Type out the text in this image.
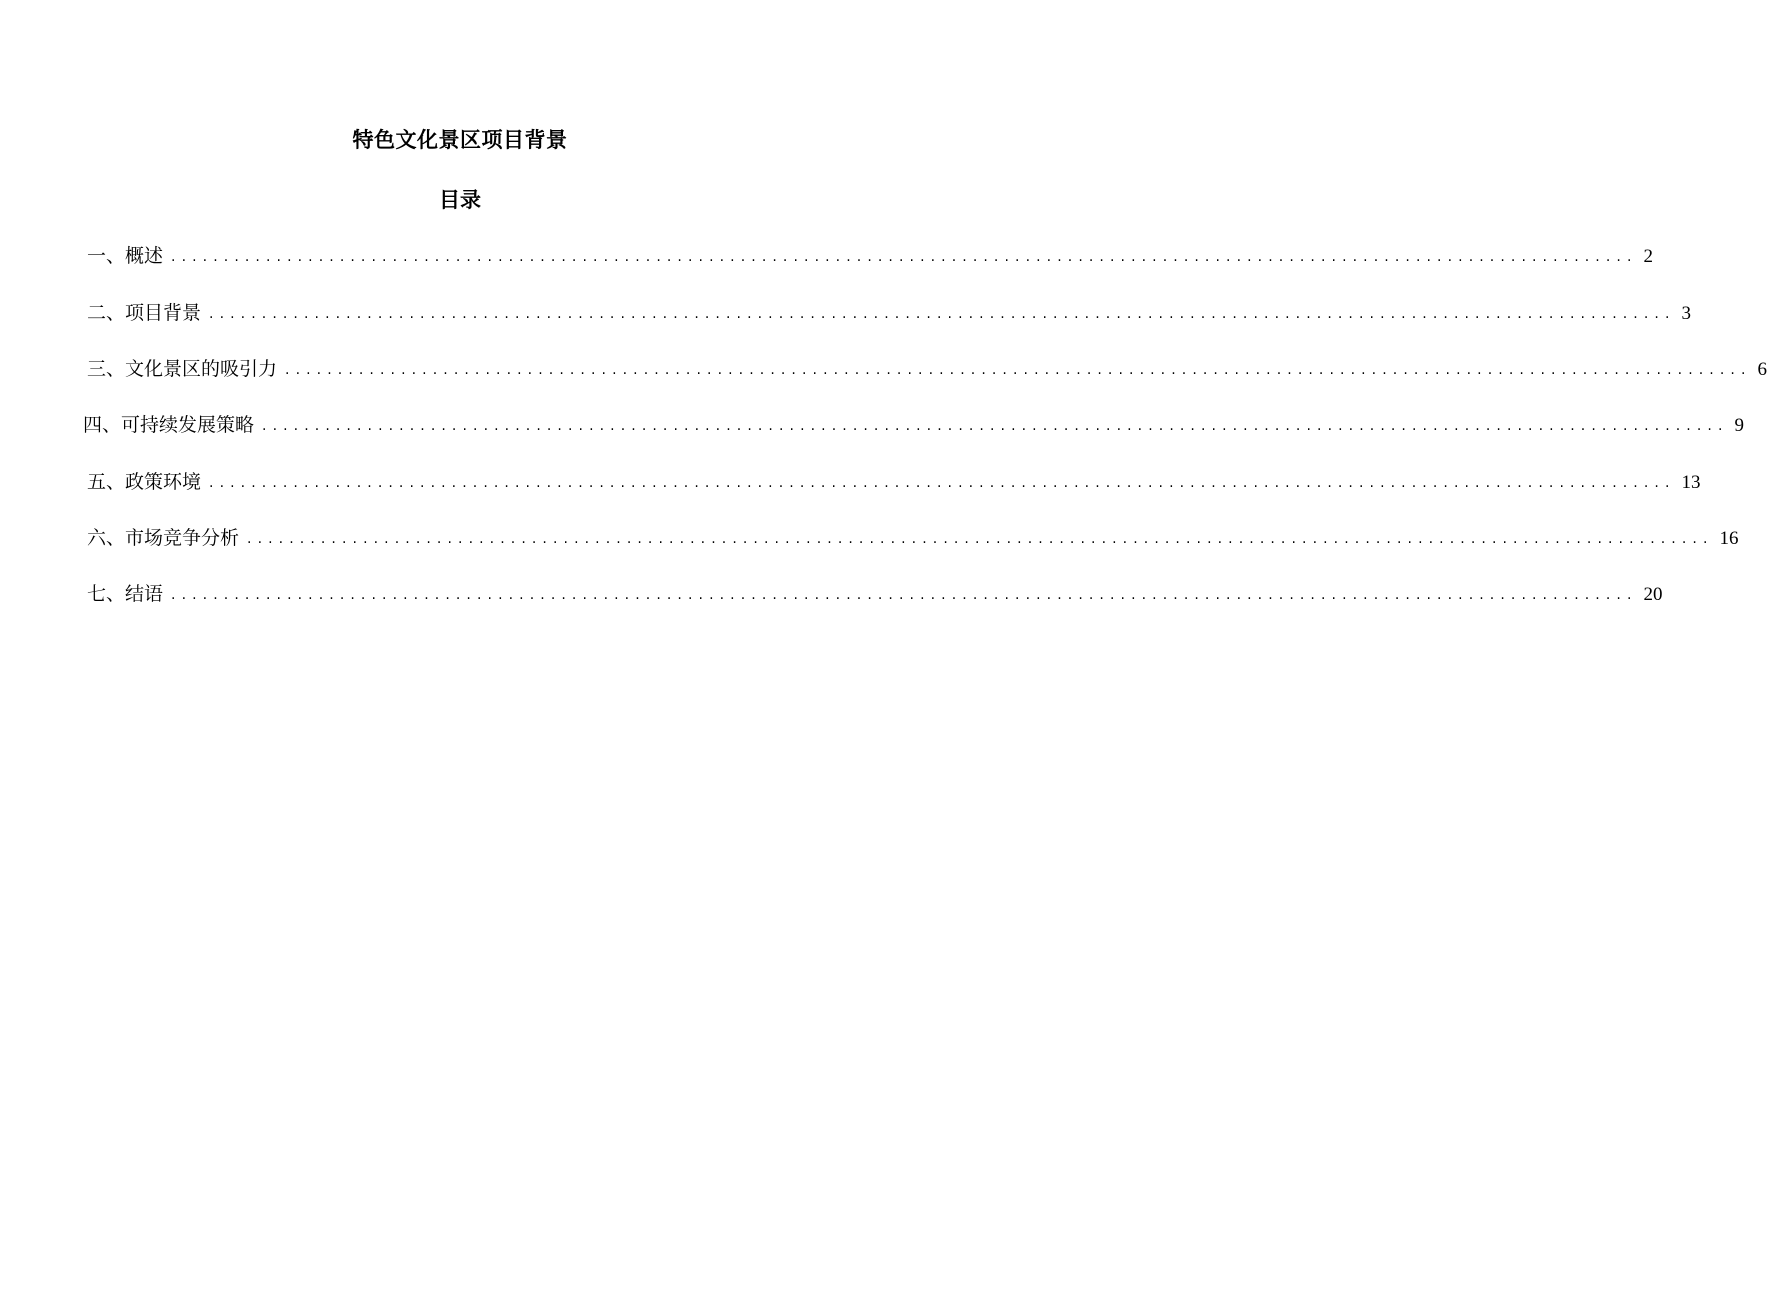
特色文化景区项目背景
目录
一、概述 ........................................................................................................................................... 2
二、项目背景 ........................................................................................................................................... 3
三、文化景区的吸引力 ........................................................................................................................................... 6
四、可持续发展策略 ........................................................................................................................................... 9
五、政策环境 ........................................................................................................................................... 13
六、市场竞争分析 ........................................................................................................................................... 16
七、结语 ........................................................................................................................................... 20
